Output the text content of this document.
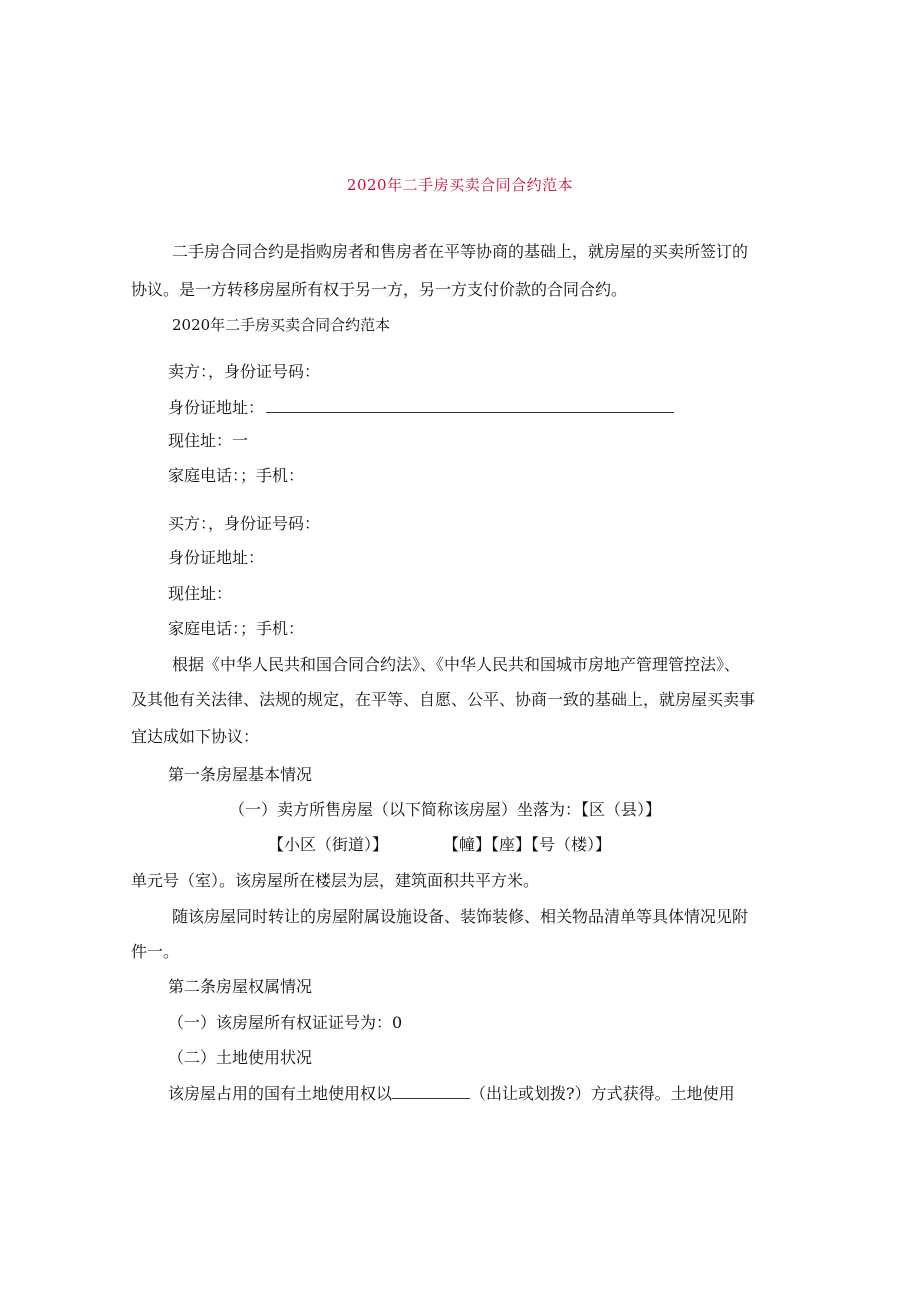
2020年二手房买卖合同合约范本
二手房合同合约是指购房者和售房者在平等协商的基础上，就房屋的买卖所签订的
协议。是一方转移房屋所有权于另一方，另一方支付价款的合同合约。
2020年二手房买卖合同合约范本
卖方：，身份证号码：
身份证地址：
现住址：一
家庭电话：；手机：
买方：，身份证号码：
身份证地址：
现住址：
家庭电话：；手机：
根据《中华人民共和国合同合约法》、《中华人民共和国城市房地产管理管控法》、
及其他有关法律、法规的规定，在平等、自愿、公平、协商一致的基础上，就房屋买卖事
宜达成如下协议：
第一条房屋基本情况
（一）卖方所售房屋（以下简称该房屋）坐落为：【区（县）】
【小区（街道）】	【幢】【座】【号（楼）】
单元号（室）。该房屋所在楼层为层，建筑面积共平方米。
随该房屋同时转让的房屋附属设施设备、装饰装修、相关物品清单等具体情况见附
件一。
第二条房屋权属情况
（一）该房屋所有权证证号为：0
（二）土地使用状况
该房屋占用的国有土地使用权以	（出让或划拨?）方式获得。土地使用
